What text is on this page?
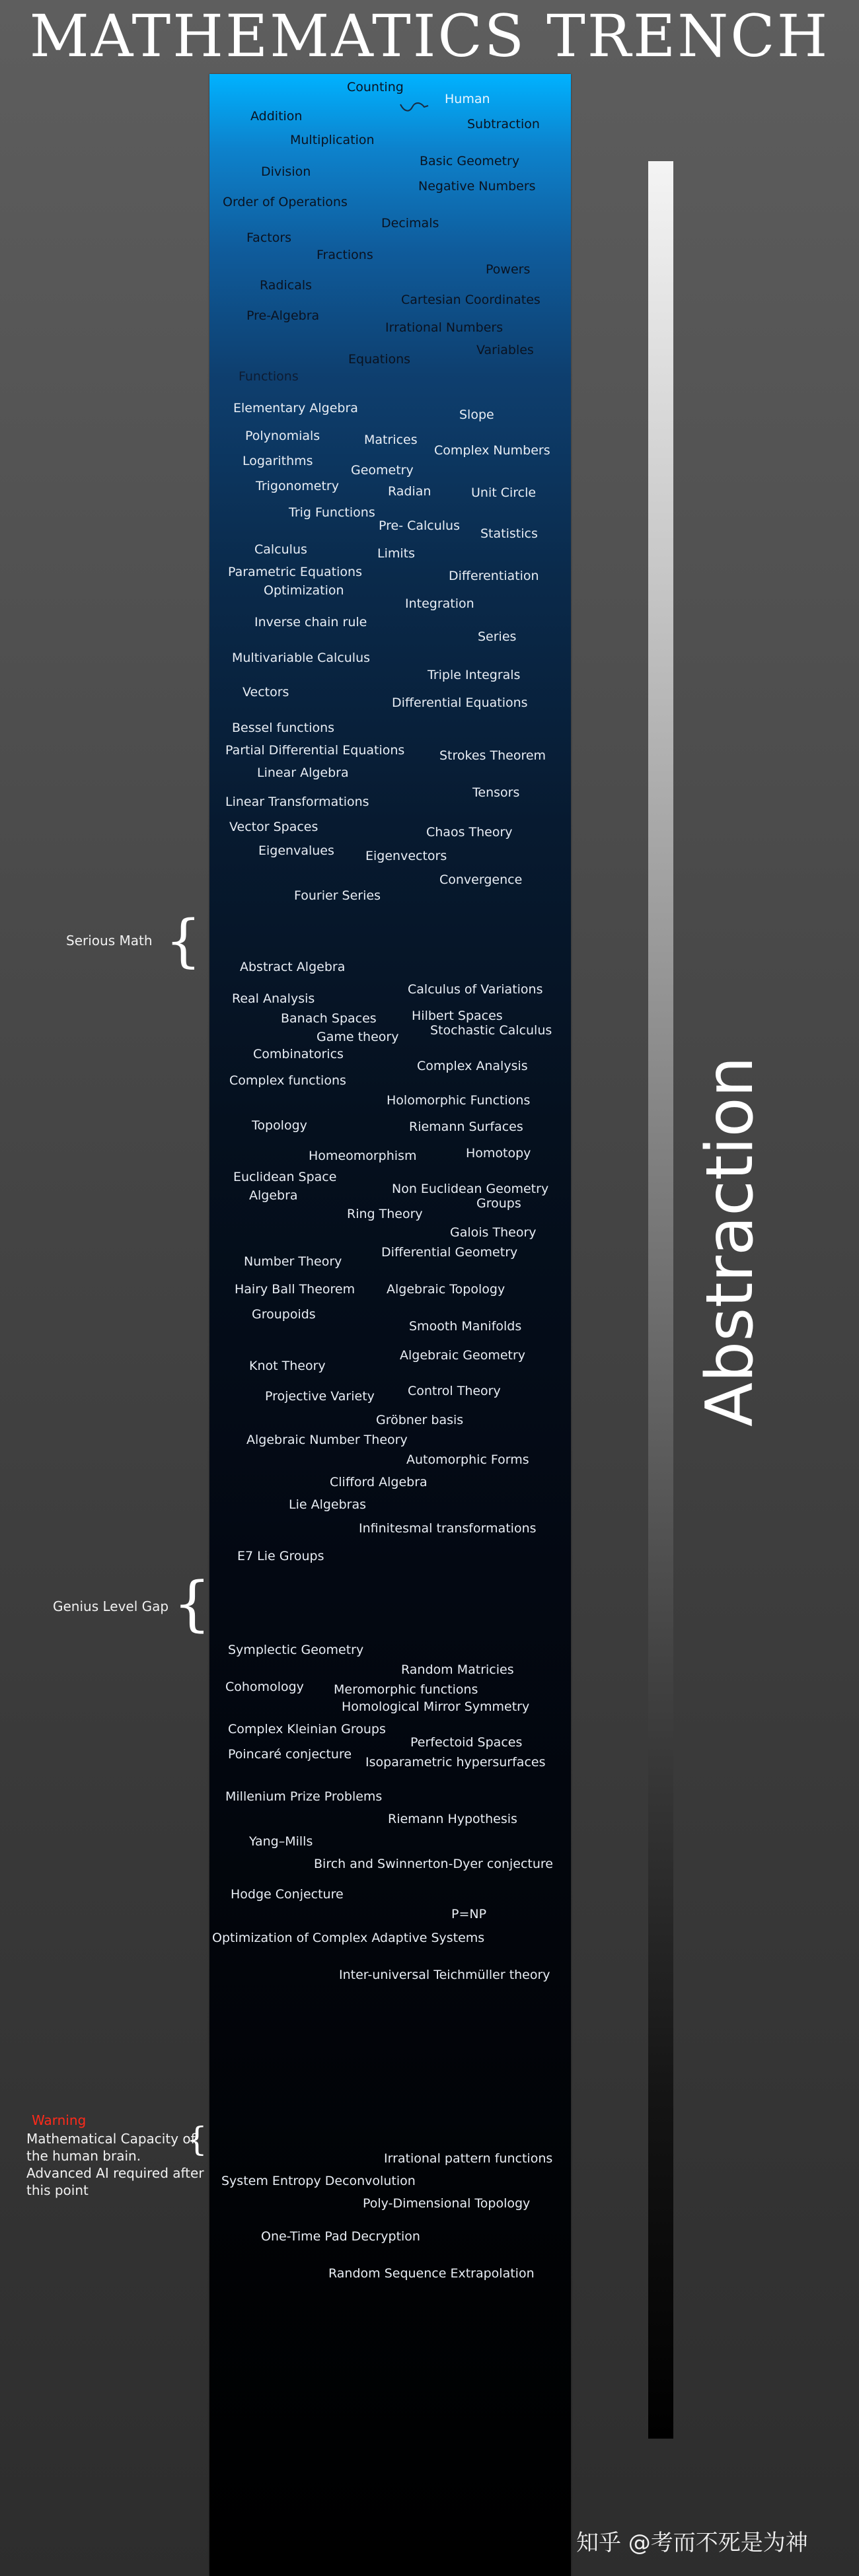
MATHEMATICS TRENCH
Counting
Human
Addition
Subtraction
Multiplication
Basic Geometry
Division
Negative Numbers
Order of Operations
Decimals
Factors
Fractions
Powers
Radicals
Cartesian Coordinates
Pre-Algebra
Irrational Numbers
Variables
Equations
Functions
Elementary Algebra	Slope
Polynomials	Matrices
Complex Numbers
Logarithms
Geometry
Trigonometry	Radian	Unit Circle
Trig Functions
Pre- Calculus
Statistics
Calculus	Limits
Parametric Equations	Differentiation
Optimization
Integration
Inverse chain rule
Series
Multivariable Calculus
Triple Integrals
Vectors
Differential Equations
Bessel functions
Partial Differential Equations	Strokes Theorem
Linear Algebra
Tensors
Linear Transformations
Vector Spaces	Chaos Theory
Eigenvalues Eigenvectors
Convergence
Fourier Series
Abstract Algebra
Calculus of Variations
Real Analysis
Hilbert Spaces
Banach Spaces
Stochastic Calculus
Game theory
Combinatorics
Complex Analysis
Complex functions
Holomorphic Functions
Topology	Riemann Surfaces
Homeomorphism	Homotopy
Euclidean Space
Non Euclidean Geometry
Algebra
Groups
Ring Theory
Galois Theory
Differential Geometry
Number Theory
Hairy Ball Theorem	Algebraic Topology
Groupoids
Smooth Manifolds
Algebraic Geometry
Knot Theory
Control Theory
Projective Variety
Gröbner basis
Algebraic Number Theory
Automorphic Forms
Clifford Algebra
Lie Algebras
Infinitesmal transformations
E7 Lie Groups
Symplectic Geometry
Random Matricies
Cohomology Meromorphic functions
Homological Mirror Symmetry
Complex Kleinian Groups
Perfectoid Spaces
Poincaré conjecture
Isoparametric hypersurfaces
Millenium Prize Problems
Riemann Hypothesis
Yang–Mills
Birch and Swinnerton-Dyer conjecture
Hodge Conjecture
P=NP
Optimization of Complex Adaptive Systems
Inter-universal Teichmüller theory
Irrational pattern functions
System Entropy Deconvolution
Poly-Dimensional Topology
One-Time Pad Decryption
Random Sequence Extrapolation
Serious Math {
Genius Level Gap {
Warning
Mathematical Capacity of the human brain. Advanced AI required after this point
{
Abstraction
知乎 @考而不死是为神
